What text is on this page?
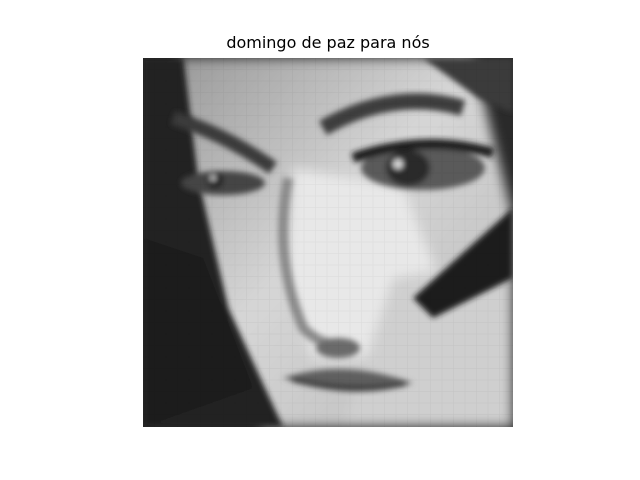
domingo de paz para nós
